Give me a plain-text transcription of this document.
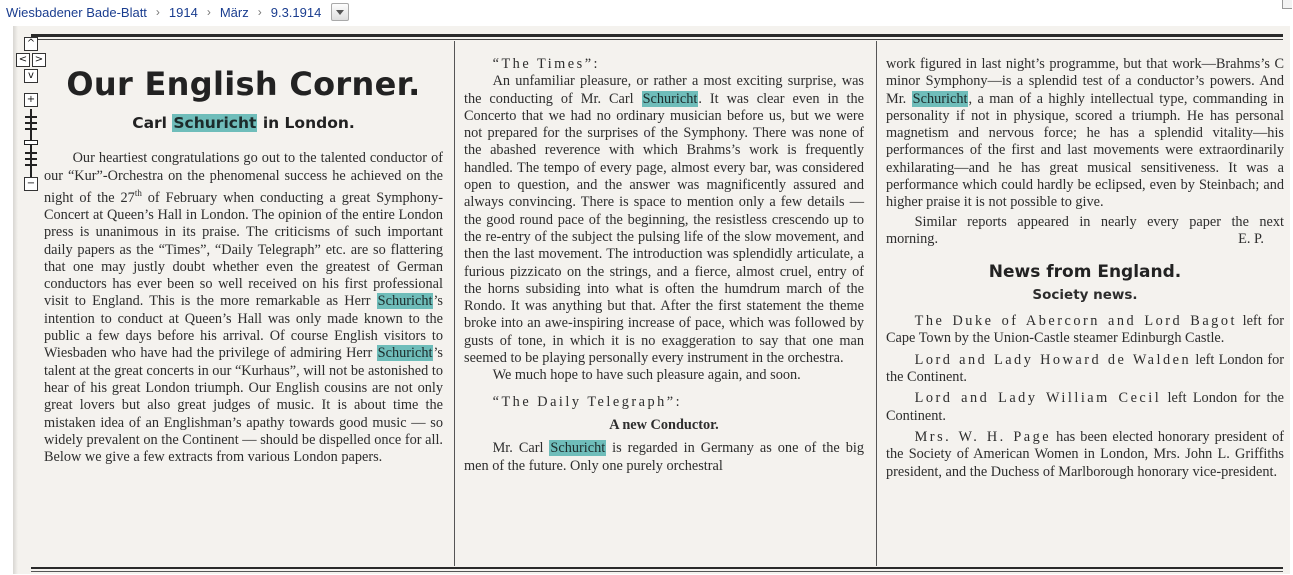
Wiesbadener Bade-Blatt › 1914 › März › 9.3.1914
Our English Corner.
Carl Schuricht in London.

Our heartiest congratulations go out to the talented conductor of our “Kur”-Orchestra on the phenomenal success he achieved on the night of the 27th of February when conducting a great Symphony-Concert at Queen’s Hall in London. The opinion of the entire London press is unanimous in its praise. The criticisms of such important daily papers as the “Times”, “Daily Telegraph” etc. are so flattering that one may justly doubt whether even the greatest of German conductors has ever been so well received on his first professional visit to England. This is the more remarkable as Herr Schuricht’s intention to conduct at Queen’s Hall was only made known to the public a few days before his arrival. Of course English visitors to Wiesbaden who have had the privilege of admiring Herr Schuricht’s talent at the great concerts in our “Kurhaus”, will not be astonished to hear of his great London triumph. Our English cousins are not only great lovers but also great judges of music. It is about time the mistaken idea of an Englishman’s apathy towards good music — so widely prevalent on the Continent — should be dispelled once for all. Below we give a few extracts from various London papers.

“The Times”:

An unfamiliar pleasure, or rather a most exciting surprise, was the conducting of Mr. Carl Schuricht. It was clear even in the Concerto that we had no ordinary musician before us, but we were not prepared for the surprises of the Symphony. There was none of the abashed reverence with which Brahms’s work is frequently handled. The tempo of every page, almost every bar, was considered open to question, and the answer was magnificently assured and always convincing. There is space to mention only a few details — the good round pace of the beginning, the resistless crescendo up to the re-entry of the subject the pulsing life of the slow movement, and then the last movement. The introduction was splendidly articulate, a furious pizzicato on the strings, and a fierce, almost cruel, entry of the horns subsiding into what is often the humdrum march of the Rondo. It was anything but that. After the first statement the theme broke into an awe-inspiring increase of pace, which was followed by gusts of tone, in which it is no exaggeration to say that one man seemed to be playing personally every instrument in the orchestra.

We much hope to have such pleasure again, and soon.

“The Daily Telegraph”:

A new Conductor.

Mr. Carl Schuricht is regarded in Germany as one of the big men of the future. Only one purely orchestral

work figured in last night’s programme, but that work—Brahms’s C minor Symphony—is a splendid test of a conductor’s powers. And Mr. Schuricht, a man of a highly intellectual type, commanding in personality if not in physique, scored a triumph. He has personal magnetism and nervous force; he has a splendid vitality—his performances of the first and last movements were extraordinarily exhilarating—and he has great musical sensitiveness. It was a performance which could hardly be eclipsed, even by Steinbach; and higher praise it is not possible to give.

Similar reports appeared in nearly every paper the next morning.	E. P.

News from England.

Society news.

The Duke of Abercorn and Lord Bagot left for Cape Town by the Union-Castle steamer Edinburgh Castle.

Lord and Lady Howard de Walden left London for the Continent.

Lord and Lady William Cecil left London for the Continent.

Mrs. W. H. Page has been elected honorary president of the Society of American Women in London, Mrs. John L. Griffiths president, and the Duchess of Marlborough honorary vice-president.

^
< >
v
+
−
